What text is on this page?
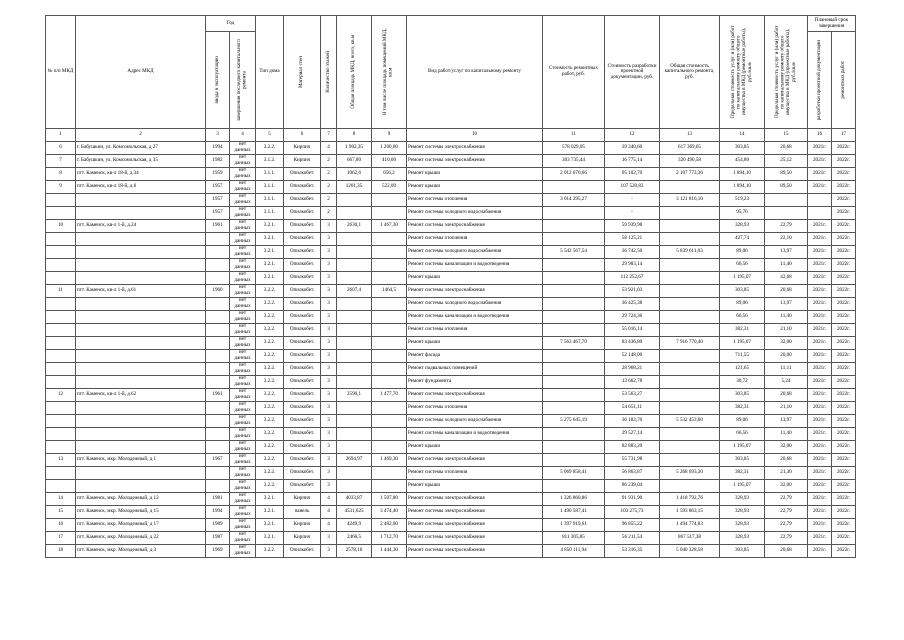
№ п/п МКД	Адрес МКД	Год		Тип дома	Материал стен	Количество этажей	Общая площадь МКД, всего, кв.м	В том числе площадь помещений МКД, кв.м	Вид работ/услуг по капитальному ремонту	Стоимость ремонтных работ, руб.	Стоимость разработки проектной документации, руб.	Общая стоимость капитального ремонта, руб.	Предельная стоимость услуг и (или) работ по капитальному ремонту общего имущества в МКД (ремонтные работы), руб./кв.м	Предельная стоимость услуг и (или) работ по капитальному ремонту общего имущества в МКД (проектные работы), руб./кв.м	Плановый срок завершения	

		ввода в эксплуатацию	завершения последнего капитального ремонта												разработки проектной документации	ремонтных работ

1	2	3	4	5	6	7	8	9	10	11	12	13	14	15	16	17
6	г. Бабушкин, ул. Комсомольская, д 27	1994	нет данных	3.2.2.	Кирпич	4	1 902,35	1 200,00	Ремонт системы электроснабжения	578 029,05	39 340,60	617 369,65	303,85	20,68	2021г.	2022г.
7	г. Бабушкин, ул. Комсомольская, д 35	1982	нет данных	3.1.2.	Кирпич	2	667,80	410,00	Ремонт системы электроснабжения	303 735,44	16 775,14	320 490,58	454,80	25,12	2021г.	2022г.
8	пгт. Каменск, кв-л 18-й, д.34	1959	нет данных	3.1.1.	Опилкобет.	2	1062,6	656,2	Ремонт крыши	2 012 670,66	95 102,70	2 107 773,36	1 894,10	89,50	2021г.	2022г.
9	пгт. Каменск, кв-л 18-й, д.6	1957	нет данных	3.1.1.	Опилкобет.	2	1201,35	522,00	Ремонт крыши		107 520,83		1 894,10	89,50	2021г.	2022г.
		1957	нет данных	3.1.1.	Опилкобет.	2			Ремонт системы отопления	3 014 295,27	-	3 121 816,10	519,23			2022г.
		1957	нет данных	3.1.1.	Опилкобет.	2			Ремонт системы холодного водоснабжения		-		95,76			2022г.
10	пгт. Каменск, кв-л 1-й, д.24	1961	нет данных	3.2.1.	Опилкобет.	3	2630,1	1 467,30	Ремонт системы электроснабжения		59 939,98		328,93	22,79	2021г.	2022г.
			нет данных	3.2.1.	Опилкобет.	3			Ремонт системы отопления		58 125,21		427,74	22,10	2021г.	2022г.
			нет данных	3.2.1.	Опилкобет.	3			Ремонт системы холодного водоснабжения	5 542 567,54	36 742,50	5 839 611,03	89,06	13,97	2021г.	2022г.
			нет данных	3.2.1.	Опилкобет.	3			Ремонт системы канализации и водоотведения		29 983,14		66,56	11,40	2021г.	2022г.
			нет данных	3.2.1.	Опилкобет.	3			Ремонт крыши		112 252,67		1 195,07	42,68	2021г.	2022г.
11	пгт. Каменск, кв-л 1-й, д.61	1960	нет данных	3.2.2.	Опилкобет.	3	2607,4	1464,5	Ремонт системы электроснабжения		53 921,03		303,85	20,68	2021г.	2022г.
			нет данных	3.2.2.	Опилкобет.	3			Ремонт системы холодного водоснабжения		36 425,38		89,06	13,97	2021г.	2022г.
			нет данных	3.2.2.	Опилкобет.	3			Ремонт системы канализации и водоотведения		29 724,36		66,56	11,40	2021г.	2022г.
			нет данных	3.2.2.	Опилкобет.	3			Ремонт системы отопления		55 016,14		382,31	21,10	2021г.	2022г.
			нет данных	3.2.2.	Опилкобет.	3			Ремонт крыши	7 563 467,70	83 436,80	7 916 770,40	1 195,07	32,00	2021г.	2022г.
			нет данных	3.2.2.	Опилкобет.	3			Ремонт фасада		52 148,00		711,55	20,00	2021г.	2022г.
			нет данных	3.2.2.	Опилкобет.	3			Ремонт подвальных помещений		28 968,21		121,65	11,11	2021г.	2022г.
			нет данных	3.2.2.	Опилкобет.	3			Ремонт фундамента		13 662,78		30,72	5,24	2021г.	2022г.
12	пгт. Каменск, кв-л 1-й, д.62	1961	нет данных	3.2.2.	Опилкобет.	3	2590,1	1 477,70	Ремонт системы электроснабжения		53 563,27		303,85	20,68	2021г.	2022г.
			нет данных	3.2.2.	Опилкобет.	3			Ремонт системы отопления		54 651,11		382,31	21,10	2021г.	2022г.
			нет данных	3.2.2.	Опилкобет.	3			Ремонт системы холодного водоснабжения	5 275 645,19	36 183,70	5 532 453,60	89,06	13,97	2021г.	2022г.
			нет данных	3.2.2.	Опилкобет.	3			Ремонт системы канализации и водоотведения		29 527,14		66,56	11,40	2021г.	2022г.
			нет данных	3.2.2.	Опилкобет.	3			Ремонт крыши		82 883,20		1 195,07	32,00	2021г.	2022г.
13	пгт. Каменск, мкр. Молодежный, д 1	1967	нет данных	3.2.2.	Опилкобет.	3	2694,97	1 469,30	Ремонт системы электроснабжения		55 731,98		303,85	20,68	2021г.	2022г.
			нет данных	3.2.2.	Опилкобет.	3			Ремонт системы отопления	5 069 858,41	56 863,87	5 268 693,30	382,31	21,30	2021г.	2022г.
			нет данных	3.2.2.	Опилкобет.	3			Ремонт крыши		86 239,04		1 195,07	32,00	2021г.	2022г.
14	пгт. Каменск, мкр. Молодежный, д 12	1981	нет данных	3.2.1.	Кирпич	4	4033,87	1 507,80	Ремонт системы электроснабжения	1 326 860,86	91 931,90	1 418 792,76	328,93	22,79	2021г.	2022г.
15	пгт. Каменск, мкр. Молодежный, д 15	1994	нет данных	3.2.1.	панель	4	4531,625	3 474,40	Ремонт системы электроснабжения	1 490 587,41	103 275,73	1 593 863,15	328,93	22,79	2021г.	2022г.
16	пгт. Каменск, мкр. Молодежный, д 17	1989	нет данных	3.2.1.	Кирпич	4	4249,9	2 482,00	Ремонт системы электроснабжения	1 397 919,61	96 855,22	1 494 774,83	328,93	22,79	2021г.	2022г.
17	пгт. Каменск, мкр. Молодежный, д 22	1987	нет данных	3.2.1.	Кирпич	3	2466,5	1 712,70	Ремонт системы электроснабжения	811 305,85	56 211,54	867 517,38	328,93	22,79	2021г.	2022г.
18	пгт. Каменск, мкр. Молодежный, д 3	1969	нет данных	3.2.2.	Опилкобет.	3	2578,16	1 444,30	Ремонт системы электроснабжения	4 850 111,94	53 316,35	5 040 328,58	303,85	20,68	2021г.	2022г.
